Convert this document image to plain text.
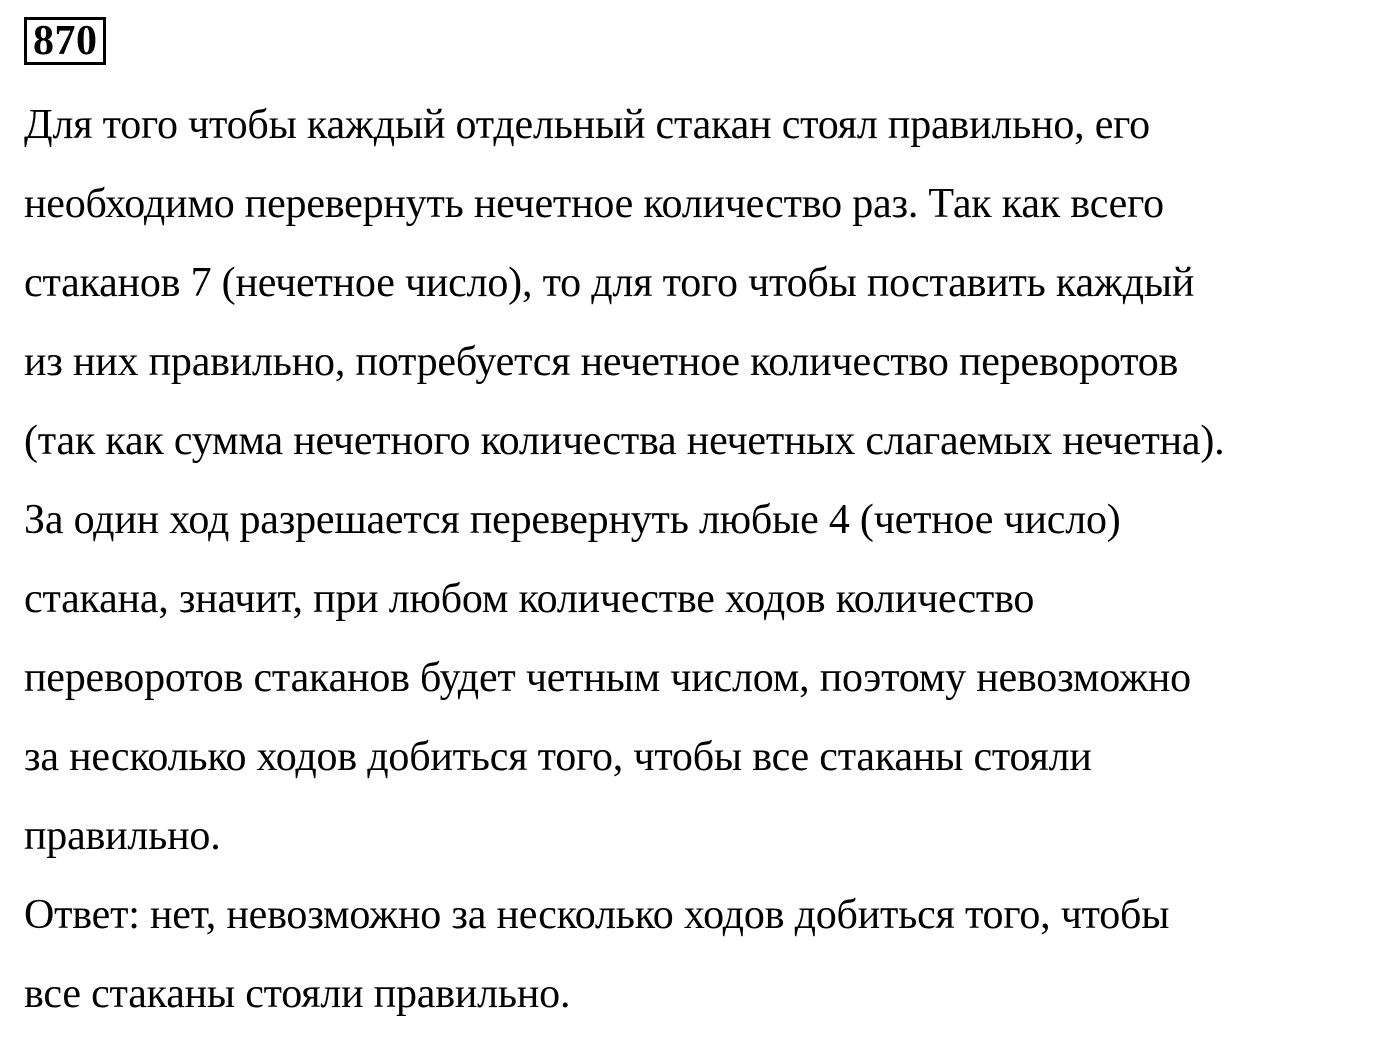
870
Для того чтобы каждый отдельный стакан стоял правильно, его
необходимо перевернуть нечетное количество раз. Так как всего
стаканов 7 (нечетное число), то для того чтобы поставить каждый
из них правильно, потребуется нечетное количество переворотов
(так как сумма нечетного количества нечетных слагаемых нечетна).
За один ход разрешается перевернуть любые 4 (четное число)
стакана, значит, при любом количестве ходов количество
переворотов стаканов будет четным числом, поэтому невозможно
за несколько ходов добиться того, чтобы все стаканы стояли
правильно.
Ответ: нет, невозможно за несколько ходов добиться того, чтобы
все стаканы стояли правильно.
